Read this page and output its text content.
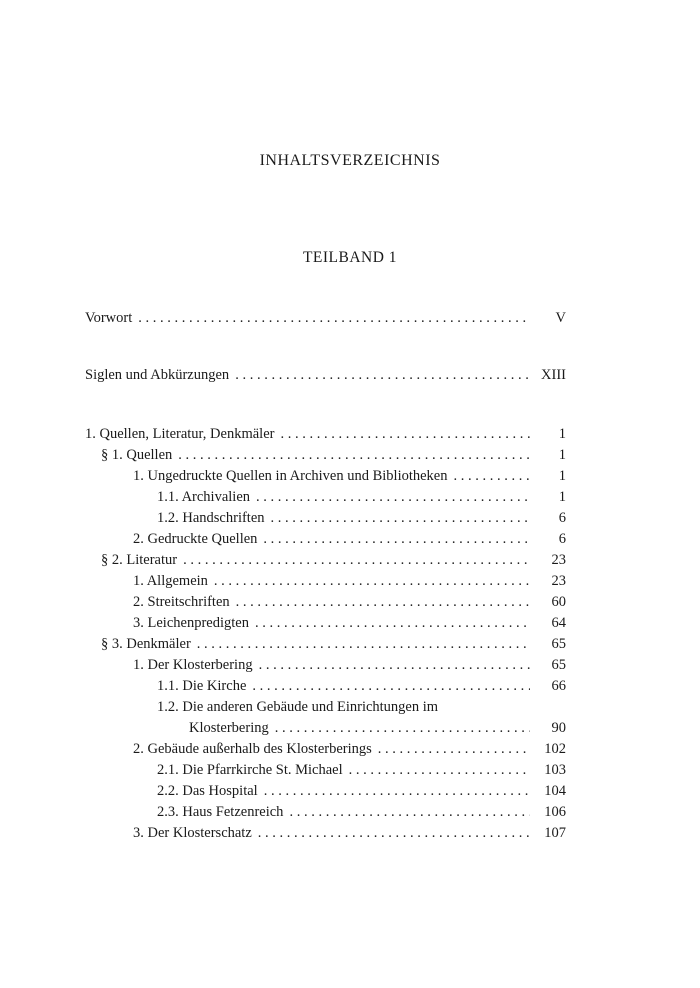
INHALTSVERZEICHNIS
TEILBAND 1
Vorwort . . .	V
Siglen und Abkürzungen . . .	XIII
1. Quellen, Literatur, Denkmäler . . .	1
§ 1. Quellen . . .	1
1. Ungedruckte Quellen in Archiven und Bibliotheken . . .	1
1.1. Archivalien . . .	1
1.2. Handschriften . . .	6
2. Gedruckte Quellen . . .	6
§ 2. Literatur . . .	23
1. Allgemein . . .	23
2. Streitschriften . . .	60
3. Leichenpredigten . . .	64
§ 3. Denkmäler . . .	65
1. Der Klosterbering . . .	65
1.1. Die Kirche . . .	66
1.2. Die anderen Gebäude und Einrichtungen im
Klosterbering . . .	90
2. Gebäude außerhalb des Klosterberings . . .	102
2.1. Die Pfarrkirche St. Michael . . .	103
2.2. Das Hospital . . .	104
2.3. Haus Fetzenreich . . .	106
3. Der Klosterschatz . . .	107
